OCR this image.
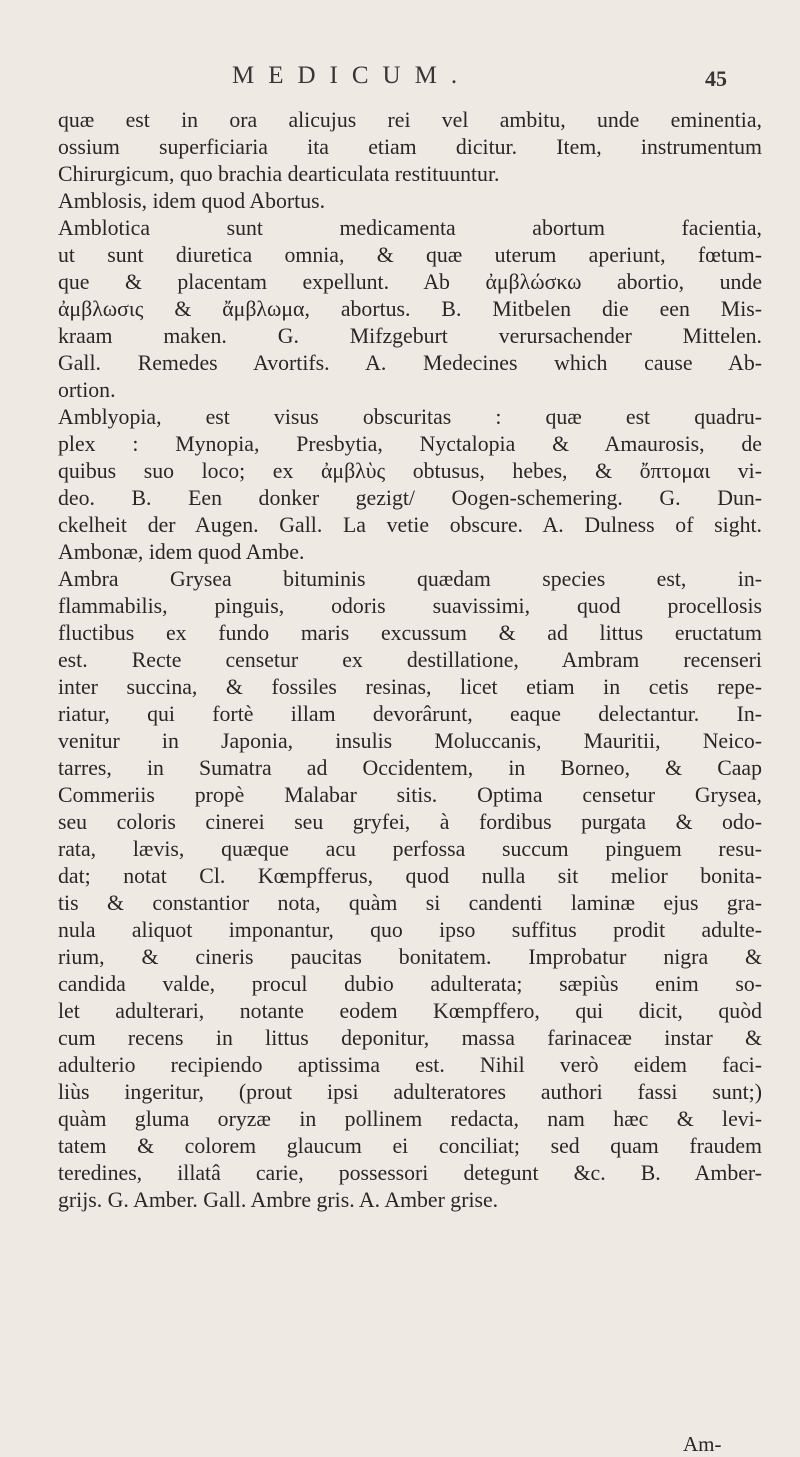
MEDICUM.	45
quæ est in ora alicujus rei vel ambitu, unde eminentia,
ossium superficiaria ita etiam dicitur. Item, instrumentum
Chirurgicum, quo brachia dearticulata restituuntur.
Amblosis, idem quod Abortus.
Amblotica sunt medicamenta abortum facientia,
ut sunt diuretica omnia, & quæ uterum aperiunt, fœtum-
que & placentam expellunt. Ab ἀμβλώσκω abortio, unde
ἀμβλωσις & ἄμβλωμα, abortus. B. Mitbelen die een Mis-
kraam maken. G. Mifzgeburt verursachender Mittelen.
Gall. Remedes Avortifs. A. Medecines which cause Ab-
ortion.
Amblyopia, est visus obscuritas : quæ est quadru-
plex : Mynopia, Presbytia, Nyctalopia & Amaurosis, de
quibus suo loco; ex ἀμβλὺς obtusus, hebes, & ὄπτομαι vi-
deo. B. Een donker gezigt/ Oogen-schemering. G. Dun-
ckelheit der Augen. Gall. La vetie obscure. A. Dulness of sight.
Ambonæ, idem quod Ambe.
Ambra Grysea bituminis quædam species est, in-
flammabilis, pinguis, odoris suavissimi, quod procellosis
fluctibus ex fundo maris excussum & ad littus eructatum
est. Recte censetur ex destillatione, Ambram recenseri
inter succina, & fossiles resinas, licet etiam in cetis repe-
riatur, qui fortè illam devorârunt, eaque delectantur. In-
venitur in Japonia, insulis Moluccanis, Mauritii, Neico-
tarres, in Sumatra ad Occidentem, in Borneo, & Caap
Commeriis propè Malabar sitis. Optima censetur Grysea,
seu coloris cinerei seu gryfei, à fordibus purgata & odo-
rata, lævis, quæque acu perfossa succum pinguem resu-
dat; notat Cl. Kœmpfferus, quod nulla sit melior bonita-
tis & constantior nota, quàm si candenti laminæ ejus gra-
nula aliquot imponantur, quo ipso suffitus prodit adulte-
rium, & cineris paucitas bonitatem. Improbatur nigra &
candida valde, procul dubio adulterata; sæpiùs enim so-
let adulterari, notante eodem Kœmpffero, qui dicit, quòd
cum recens in littus deponitur, massa farinaceæ instar &
adulterio recipiendo aptissima est. Nihil verò eidem faci-
liùs ingeritur, (prout ipsi adulteratores authori fassi sunt;)
quàm gluma oryzæ in pollinem redacta, nam hæc & levi-
tatem & colorem glaucum ei conciliat; sed quam fraudem
teredines, illatâ carie, possessori detegunt &c. B. Amber-
grijs. G. Amber. Gall. Ambre gris. A. Amber grise.
Am-
